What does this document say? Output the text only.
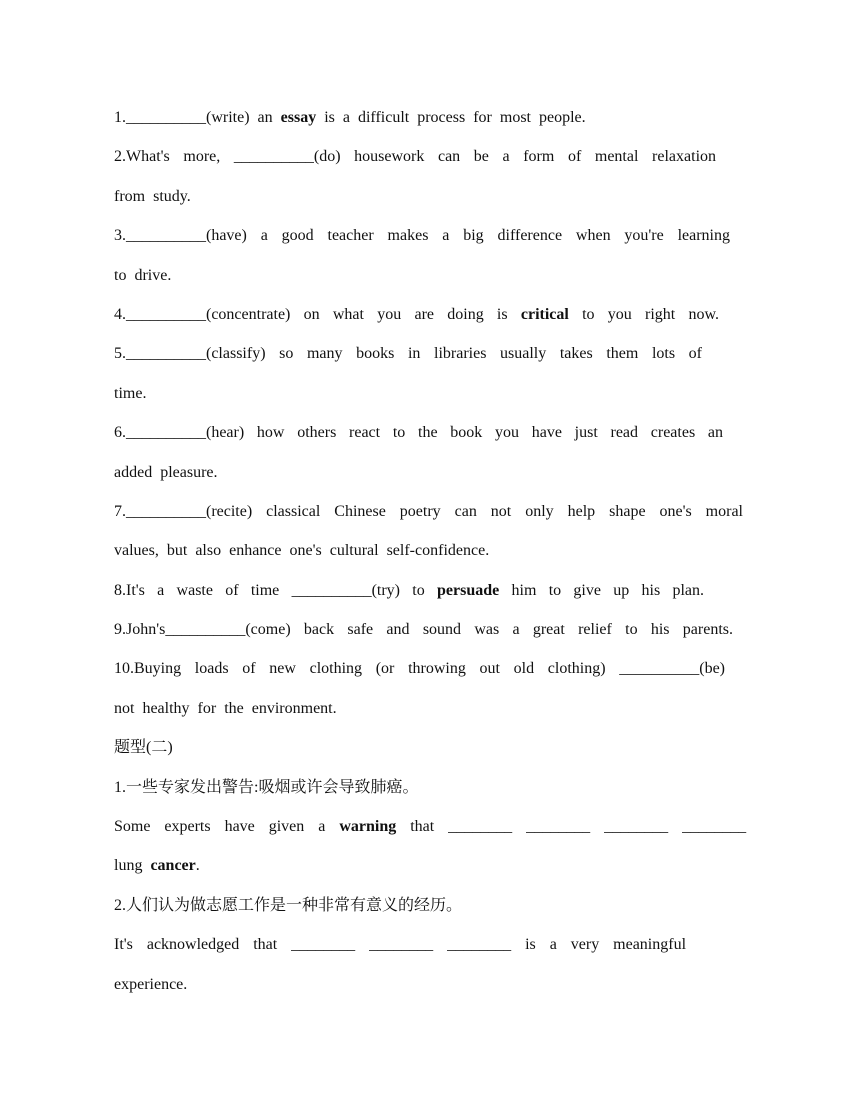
1.__________(write) an essay is a difficult process for most people.
2.What's more, __________(do) housework can be a form of mental relaxation
from study.
3.__________(have) a good teacher makes a big difference when you're learning
to drive.
4.__________(concentrate) on what you are doing is critical to you right now.
5.__________(classify) so many books in libraries usually takes them lots of
time.
6.__________(hear) how others react to the book you have just read creates an
added pleasure.
7.__________(recite) classical Chinese poetry can not only help shape one's moral
values, but also enhance one's cultural self-confidence.
8.It's a waste of time __________(try) to persuade him to give up his plan.
9.John's__________(come) back safe and sound was a great relief to his parents.
10.Buying loads of new clothing (or throwing out old clothing) __________(be)
not healthy for the environment.
题型(二)
1.一些专家发出警告:吸烟或许会导致肺癌。
Some experts have given a warning that ________ ________ ________ ________
lung cancer.
2.人们认为做志愿工作是一种非常有意义的经历。
It's acknowledged that ________ ________ ________ is a very meaningful
experience.
